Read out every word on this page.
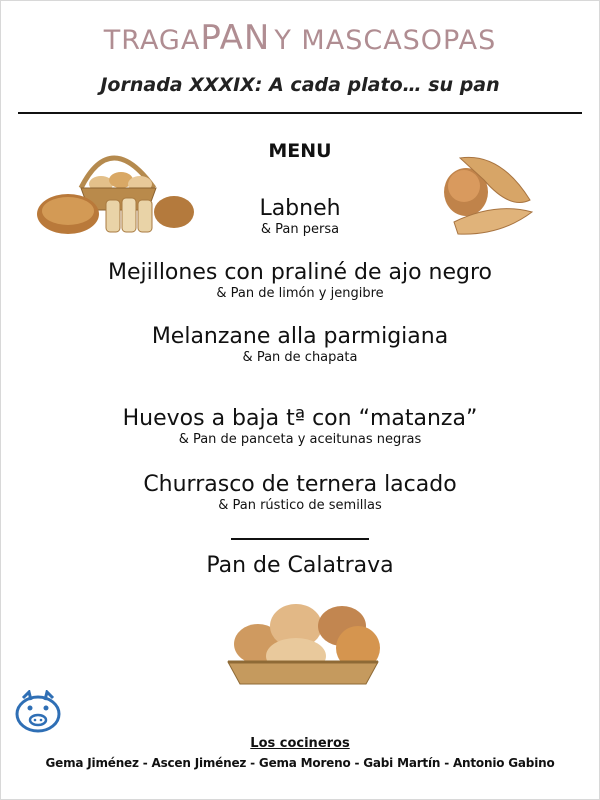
TRAGAPAN Y MASCASOPAS
Jornada XXXIX: A cada plato… su pan
MENU
Labneh
& Pan persa
Mejillones con praliné de ajo negro
& Pan de limón y jengibre
Melanzane alla parmigiana
& Pan de chapata
Huevos a baja tª con “matanza”
& Pan de panceta y aceitunas negras
Churrasco de ternera lacado
& Pan rústico de semillas
Pan de Calatrava
Los cocineros
Gema Jiménez - Ascen Jiménez - Gema Moreno - Gabi Martín - Antonio Gabino
